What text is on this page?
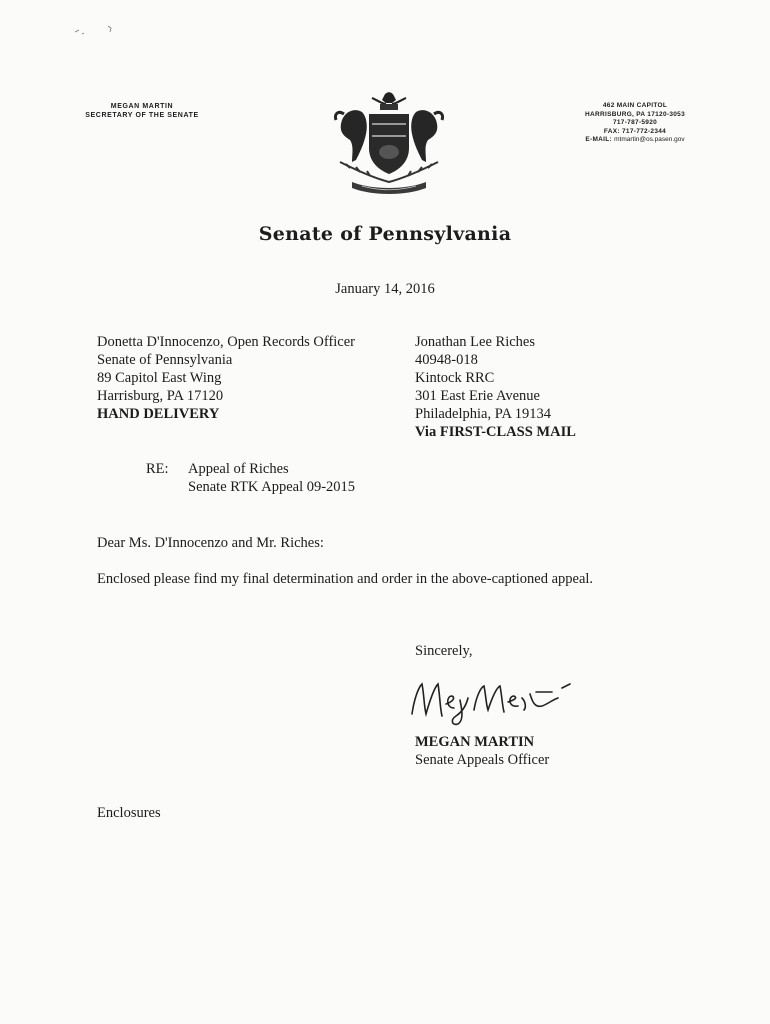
MEGAN MARTIN
SECRETARY OF THE SENATE
462 MAIN CAPITOL
HARRISBURG, PA 17120-3053
717-787-5920
FAX: 717-772-2344
E-MAIL: mtmartin@os.pasen.gov
Senate of Pennsylvania
January 14, 2016
Donetta D'Innocenzo, Open Records Officer
Senate of Pennsylvania
89 Capitol East Wing
Harrisburg, PA 17120
HAND DELIVERY
Jonathan Lee Riches
40948-018
Kintock RRC
301 East Erie Avenue
Philadelphia, PA 19134
Via FIRST-CLASS MAIL
RE: Appeal of Riches
Senate RTK Appeal 09-2015
Dear Ms. D'Innocenzo and Mr. Riches:
Enclosed please find my final determination and order in the above-captioned appeal.
Sincerely,
MEGAN MARTIN
Senate Appeals Officer
Enclosures
